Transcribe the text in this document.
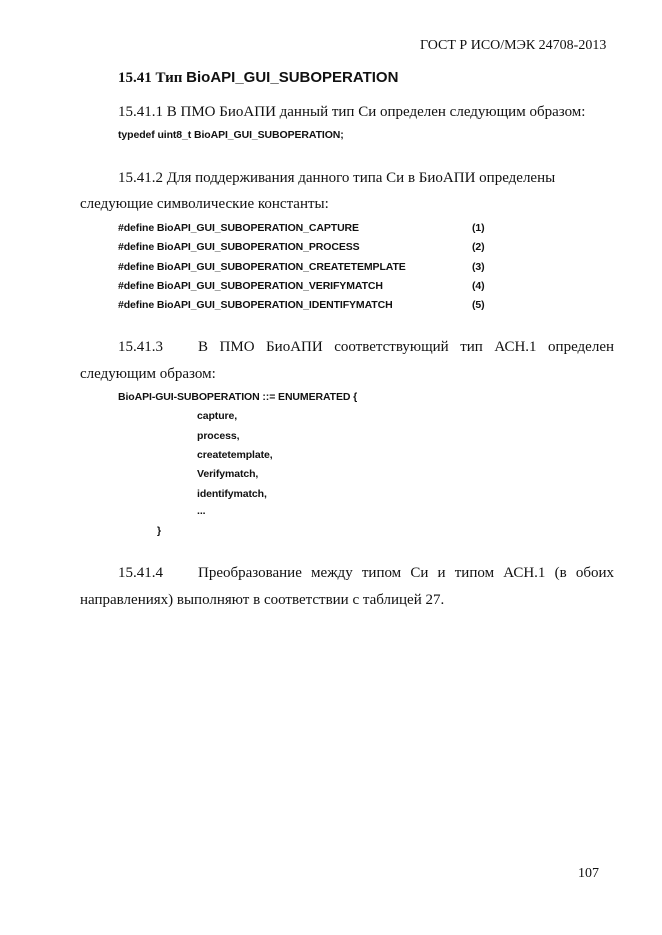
ГОСТ Р ИСО/МЭК 24708-2013
15.41 Тип BioAPI_GUI_SUBOPERATION
15.41.1 В ПМО БиоАПИ данный тип Си определен следующим образом:
typedef uint8_t BioAPI_GUI_SUBOPERATION;
15.41.2 Для поддерживания данного типа Си в БиоАПИ определены
следующие символические константы:
#define BioAPI_GUI_SUBOPERATION_CAPTURE	(1)
#define BioAPI_GUI_SUBOPERATION_PROCESS	(2)
#define BioAPI_GUI_SUBOPERATION_CREATETEMPLATE	(3)
#define BioAPI_GUI_SUBOPERATION_VERIFYMATCH	(4)
#define BioAPI_GUI_SUBOPERATION_IDENTIFYMATCH	(5)
15.41.3 В ПМО БиоАПИ соответствующий тип АСН.1 определен
следующим образом:
BioAPI-GUI-SUBOPERATION ::= ENUMERATED {
capture,
process,
createtemplate,
Verifymatch,
identifymatch,
...
}
15.41.4 Преобразование между типом Си и типом АСН.1 (в обоих
направлениях) выполняют в соответствии с таблицей 27.
107
